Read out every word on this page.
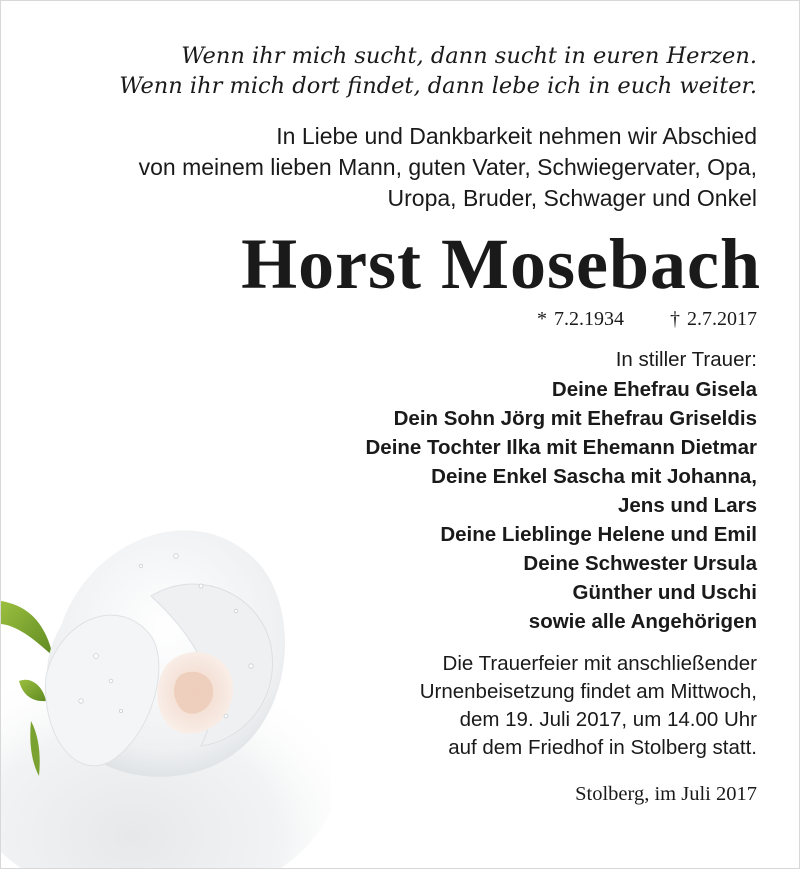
Wenn ihr mich sucht, dann sucht in euren Herzen.
Wenn ihr mich dort findet, dann lebe ich in euch weiter.

In Liebe und Dankbarkeit nehmen wir Abschied
von meinem lieben Mann, guten Vater, Schwiegervater, Opa,
Uropa, Bruder, Schwager und Onkel

Horst Mosebach

* 7.2.1934 † 2.7.2017

In stiller Trauer:

Deine Ehefrau Gisela
Dein Sohn Jörg mit Ehefrau Griseldis
Deine Tochter Ilka mit Ehemann Dietmar
Deine Enkel Sascha mit Johanna,
Jens und Lars
Deine Lieblinge Helene und Emil
Deine Schwester Ursula
Günther und Uschi
sowie alle Angehörigen

Die Trauerfeier mit anschließender
Urnenbeisetzung findet am Mittwoch,
dem 19. Juli 2017, um 14.00 Uhr
auf dem Friedhof in Stolberg statt.

Stolberg, im Juli 2017
